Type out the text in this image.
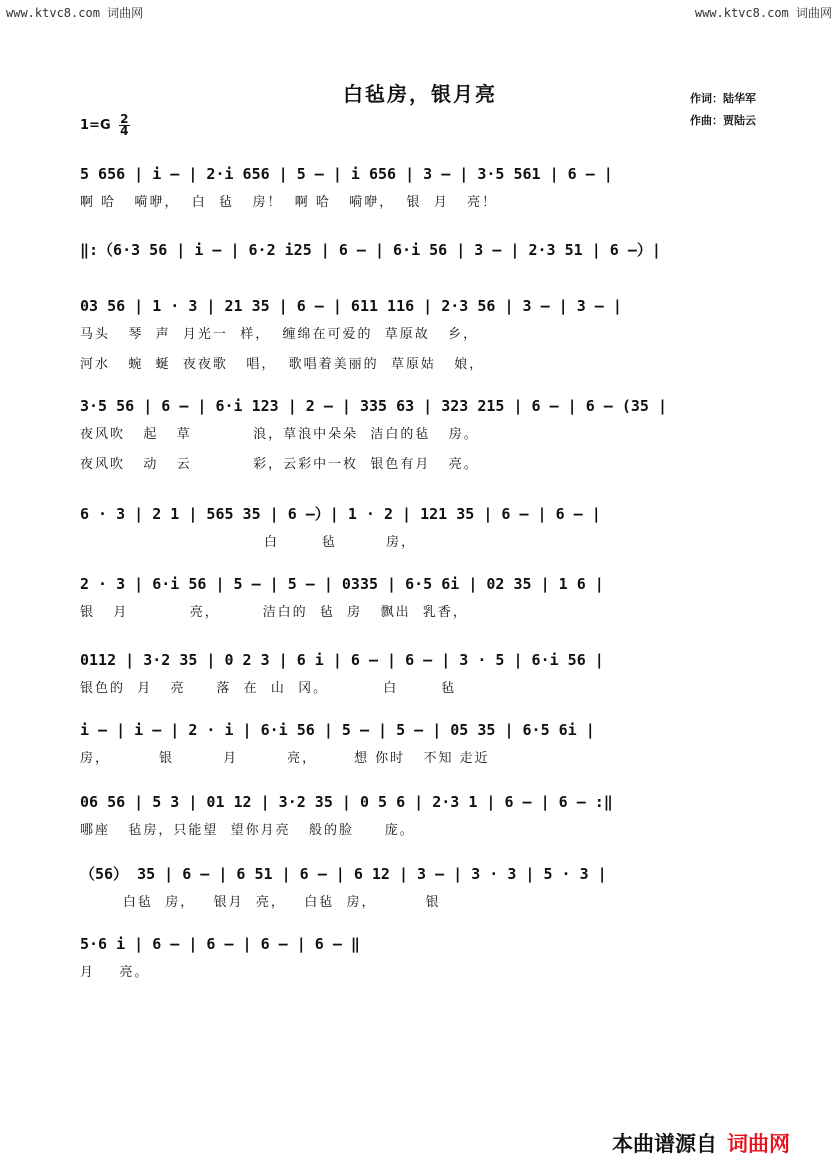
www.ktvc8.com 词曲网	www.ktvc8.com 词曲网
白毡房，银月亮	作词：陆华军
作曲：贾陆云
$1=G \frac{2}{4}$
5 656 | i – | 2·i 656 | 5 – | i 656 | 3 – | 3·5 561 | 6 – |
啊 哈   嗬咿，  白  毡   房！  啊 哈   嗬咿，  银  月   亮！
‖:（6·3 56 | i – | 6·2 i25 | 6 – | 6·i 56 | 3 – | 2·3 51 | 6 –）|
03 56 | 1 · 3 | 21 35 | 6 – | 611 116 | 2·3 56 | 3 – | 3 – |
马头   琴  声  月光一  样，  缠绵在可爱的  草原故   乡，
河水   蜿  蜒  夜夜歌   唱，  歌唱着美丽的  草原姑   娘，
3·5 56 | 6 – | 6·i 123 | 2 – | 335 63 | 323 215 | 6 – | 6 – (35 |
夜风吹   起   草          浪，草浪中朵朵  洁白的毡   房。
夜风吹   动   云          彩，云彩中一枚  银色有月   亮。
6 · 3 | 2 1 | 565 35 | 6 –）| 1 · 2 | 121 35 | 6 – | 6 – |
白       毡        房，
2 · 3 | 6·i 56 | 5 – | 5 – | 0335 | 6·5 6i | 02 35 | 1 6 |
银   月          亮，       洁白的  毡  房   飘出  乳香，
0112 | 3·2 35 | 0 2 3 | 6 i | 6 – | 6 – | 3 · 5 | 6·i 56 |
银色的  月   亮     落  在  山  冈。         白       毡
i – | i – | 2 · i | 6·i 56 | 5 – | 5 – | 05 35 | 6·5 6i |
房，        银        月        亮，      想 你时   不知 走近
06 56 | 5 3 | 01 12 | 3·2 35 | 0 5 6 | 2·3 1 | 6 – | 6 – :‖
哪座   毡房，只能望  望你月亮   般的脸     庞。
（56） 35 | 6 – | 6 51 | 6 – | 6 12 | 3 – | 3 · 3 | 5 · 3 |
白毡  房，   银月  亮，   白毡  房，        银
5·6 i | 6 – | 6 – | 6 – | 6 – ‖
月    亮。
本曲谱源自 词曲网
